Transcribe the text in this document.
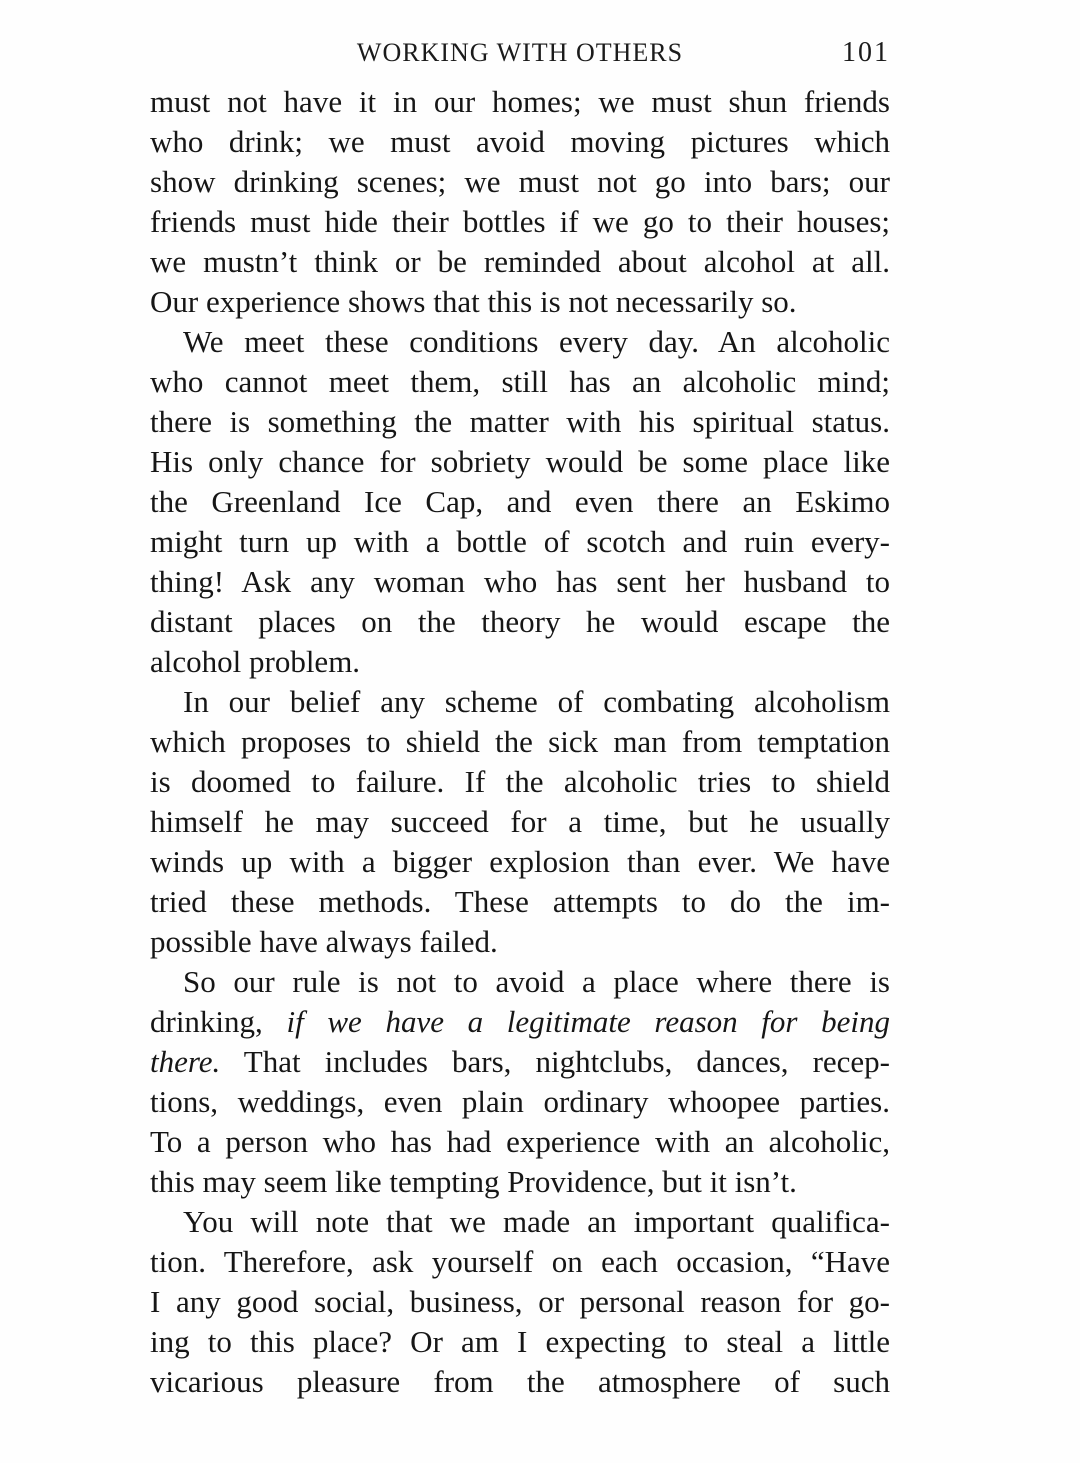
WORKING WITH OTHERS	101
must not have it in our homes; we must shun friends
who drink; we must avoid moving pictures which
show drinking scenes; we must not go into bars; our
friends must hide their bottles if we go to their houses;
we mustn’t think or be reminded about alcohol at all.
Our experience shows that this is not necessarily so.
We meet these conditions every day. An alcoholic
who cannot meet them, still has an alcoholic mind;
there is something the matter with his spiritual status.
His only chance for sobriety would be some place like
the Greenland Ice Cap, and even there an Eskimo
might turn up with a bottle of scotch and ruin every-
thing! Ask any woman who has sent her husband to
distant places on the theory he would escape the
alcohol problem.
In our belief any scheme of combating alcoholism
which proposes to shield the sick man from temptation
is doomed to failure. If the alcoholic tries to shield
himself he may succeed for a time, but he usually
winds up with a bigger explosion than ever. We have
tried these methods. These attempts to do the im-
possible have always failed.
So our rule is not to avoid a place where there is
drinking, if we have a legitimate reason for being
there. That includes bars, nightclubs, dances, recep-
tions, weddings, even plain ordinary whoopee parties.
To a person who has had experience with an alcoholic,
this may seem like tempting Providence, but it isn’t.
You will note that we made an important qualifica-
tion. Therefore, ask yourself on each occasion, “Have
I any good social, business, or personal reason for go-
ing to this place? Or am I expecting to steal a little
vicarious pleasure from the atmosphere of such
